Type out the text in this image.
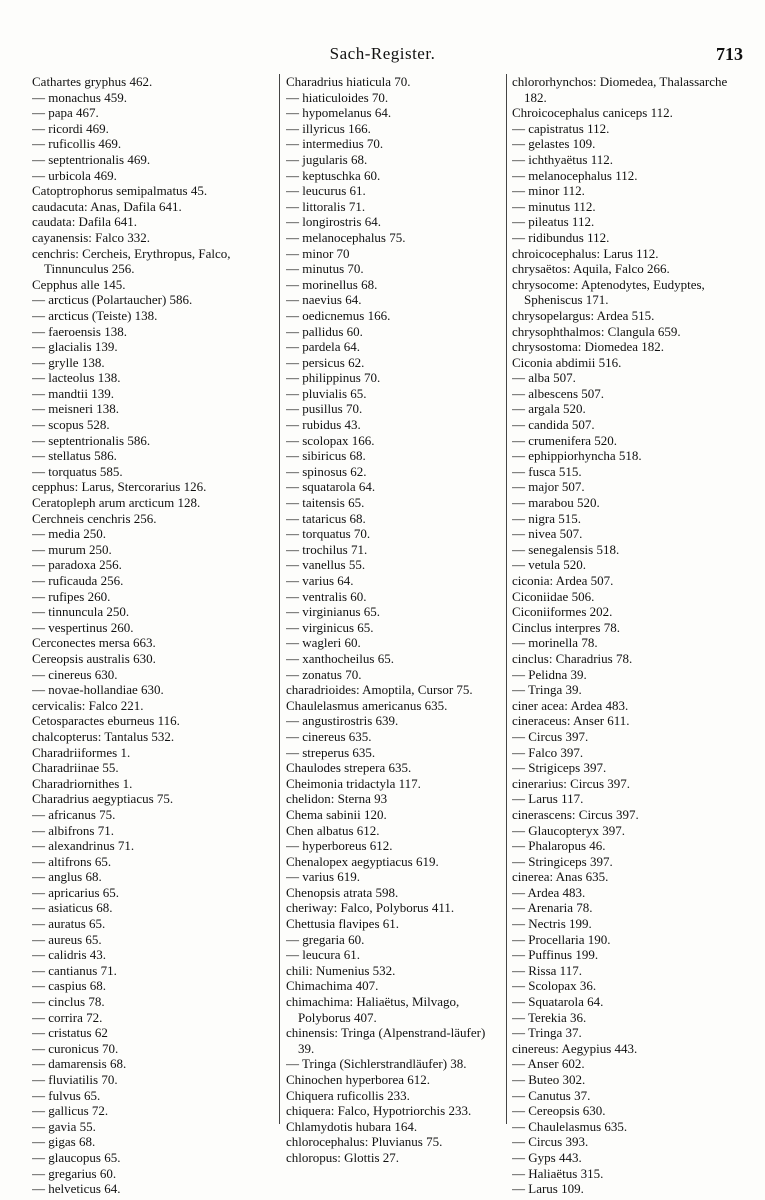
Sach-Register.	713
Cathartes gryphus 462.
— monachus 459.
— papa 467.
— ricordi 469.
— ruficollis 469.
— septentrionalis 469.
— urbicola 469.
Catoptrophorus semipalmatus 45.
caudacuta: Anas, Dafila 641.
caudata: Dafila 641.
cayanensis: Falco 332.
cenchris: Cercheis, Erythropus, Falco, Tinnunculus 256.
Cepphus alle 145.
— arcticus (Polartaucher) 586.
— arcticus (Teiste) 138.
— faeroensis 138.
— glacialis 139.
— grylle 138.
— lacteolus 138.
— mandtii 139.
— meisneri 138.
— scopus 528.
— septentrionalis 586.
— stellatus 586.
— torquatus 585.
cepphus: Larus, Stercorarius 126.
Ceratopleph arum arcticum 128.
Cerchneis cenchris 256.
— media 250.
— murum 250.
— paradoxa 256.
— ruficauda 256.
— rufipes 260.
— tinnuncula 250.
— vespertinus 260.
Cerconectes mersa 663.
Cereopsis australis 630.
— cinereus 630.
— novae-hollandiae 630.
cervicalis: Falco 221.
Cetosparactes eburneus 116.
chalcopterus: Tantalus 532.
Charadriiformes 1.
Charadriinae 55.
Charadriornithes 1.
Charadrius aegyptiacus 75.
— africanus 75.
— albifrons 71.
— alexandrinus 71.
— altifrons 65.
— anglus 68.
— apricarius 65.
— asiaticus 68.
— auratus 65.
— aureus 65.
— calidris 43.
— cantianus 71.
— caspius 68.
— cinclus 78.
— corrira 72.
— cristatus 62
— curonicus 70.
— damarensis 68.
— fluviatilis 70.
— fulvus 65.
— gallicus 72.
— gavia 55.
— gigas 68.
— glaucopus 65.
— gregarius 60.
— helveticus 64.
Charadrius hiaticula 70.
— hiaticuloides 70.
— hypomelanus 64.
— illyricus 166.
— intermedius 70.
— jugularis 68.
— keptuschka 60.
— leucurus 61.
— littoralis 71.
— longirostris 64.
— melanocephalus 75.
— minor 70
— minutus 70.
— morinellus 68.
— naevius 64.
— oedicnemus 166.
— pallidus 60.
— pardela 64.
— persicus 62.
— philippinus 70.
— pluvialis 65.
— pusillus 70.
— rubidus 43.
— scolopax 166.
— sibiricus 68.
— spinosus 62.
— squatarola 64.
— taitensis 65.
— tataricus 68.
— torquatus 70.
— trochilus 71.
— vanellus 55.
— varius 64.
— ventralis 60.
— virginianus 65.
— virginicus 65.
— wagleri 60.
— xanthocheilus 65.
— zonatus 70.
charadrioides: Amoptila, Cursor 75.
Chaulelasmus americanus 635.
— angustirostris 639.
— cinereus 635.
— streperus 635.
Chaulodes strepera 635.
Cheimonia tridactyla 117.
chelidon: Sterna 93
Chema sabinii 120.
Chen albatus 612.
— hyperboreus 612.
Chenalopex aegyptiacus 619.
— varius 619.
Chenopsis atrata 598.
cheriway: Falco, Polyborus 411.
Chettusia flavipes 61.
— gregaria 60.
— leucura 61.
chili: Numenius 532.
Chimachima 407.
chimachima: Haliaëtus, Milvago, Polyborus 407.
chinensis: Tringa (Alpenstrand-läufer) 39.
— Tringa (Sichlerstrandläufer) 38.
Chinochen hyperborea 612.
Chiquera ruficollis 233.
chiquera: Falco, Hypotriorchis 233.
Chlamydotis hubara 164.
chlorocephalus: Pluvianus 75.
chloropus: Glottis 27.
chlororhynchos: Diomedea, Thalassarche 182.
Chroicocephalus caniceps 112.
— capistratus 112.
— gelastes 109.
— ichthyaëtus 112.
— melanocephalus 112.
— minor 112.
— minutus 112.
— pileatus 112.
— ridibundus 112.
chroicocephalus: Larus 112.
chrysaëtos: Aquila, Falco 266.
chrysocome: Aptenodytes, Eudyptes, Spheniscus 171.
chrysopelargus: Ardea 515.
chrysophthalmos: Clangula 659.
chrysostoma: Diomedea 182.
Ciconia abdimii 516.
— alba 507.
— albescens 507.
— argala 520.
— candida 507.
— crumenifera 520.
— ephippiorhyncha 518.
— fusca 515.
— major 507.
— marabou 520.
— nigra 515.
— nivea 507.
— senegalensis 518.
— vetula 520.
ciconia: Ardea 507.
Ciconiidae 506.
Ciconiiformes 202.
Cinclus interpres 78.
— morinella 78.
cinclus: Charadrius 78.
— Pelidna 39.
— Tringa 39.
ciner acea: Ardea 483.
cineraceus: Anser 611.
— Circus 397.
— Falco 397.
— Strigiceps 397.
cinerarius: Circus 397.
— Larus 117.
cinerascens: Circus 397.
— Glaucopteryx 397.
— Phalaropus 46.
— Stringiceps 397.
cinerea: Anas 635.
— Ardea 483.
— Arenaria 78.
— Nectris 199.
— Procellaria 190.
— Puffinus 199.
— Rissa 117.
— Scolopax 36.
— Squatarola 64.
— Terekia 36.
— Tringa 37.
cinereus: Aegypius 443.
— Anser 602.
— Buteo 302.
— Canutus 37.
— Cereopsis 630.
— Chaulelasmus 635.
— Circus 393.
— Gyps 443.
— Haliaëtus 315.
— Larus 109.
